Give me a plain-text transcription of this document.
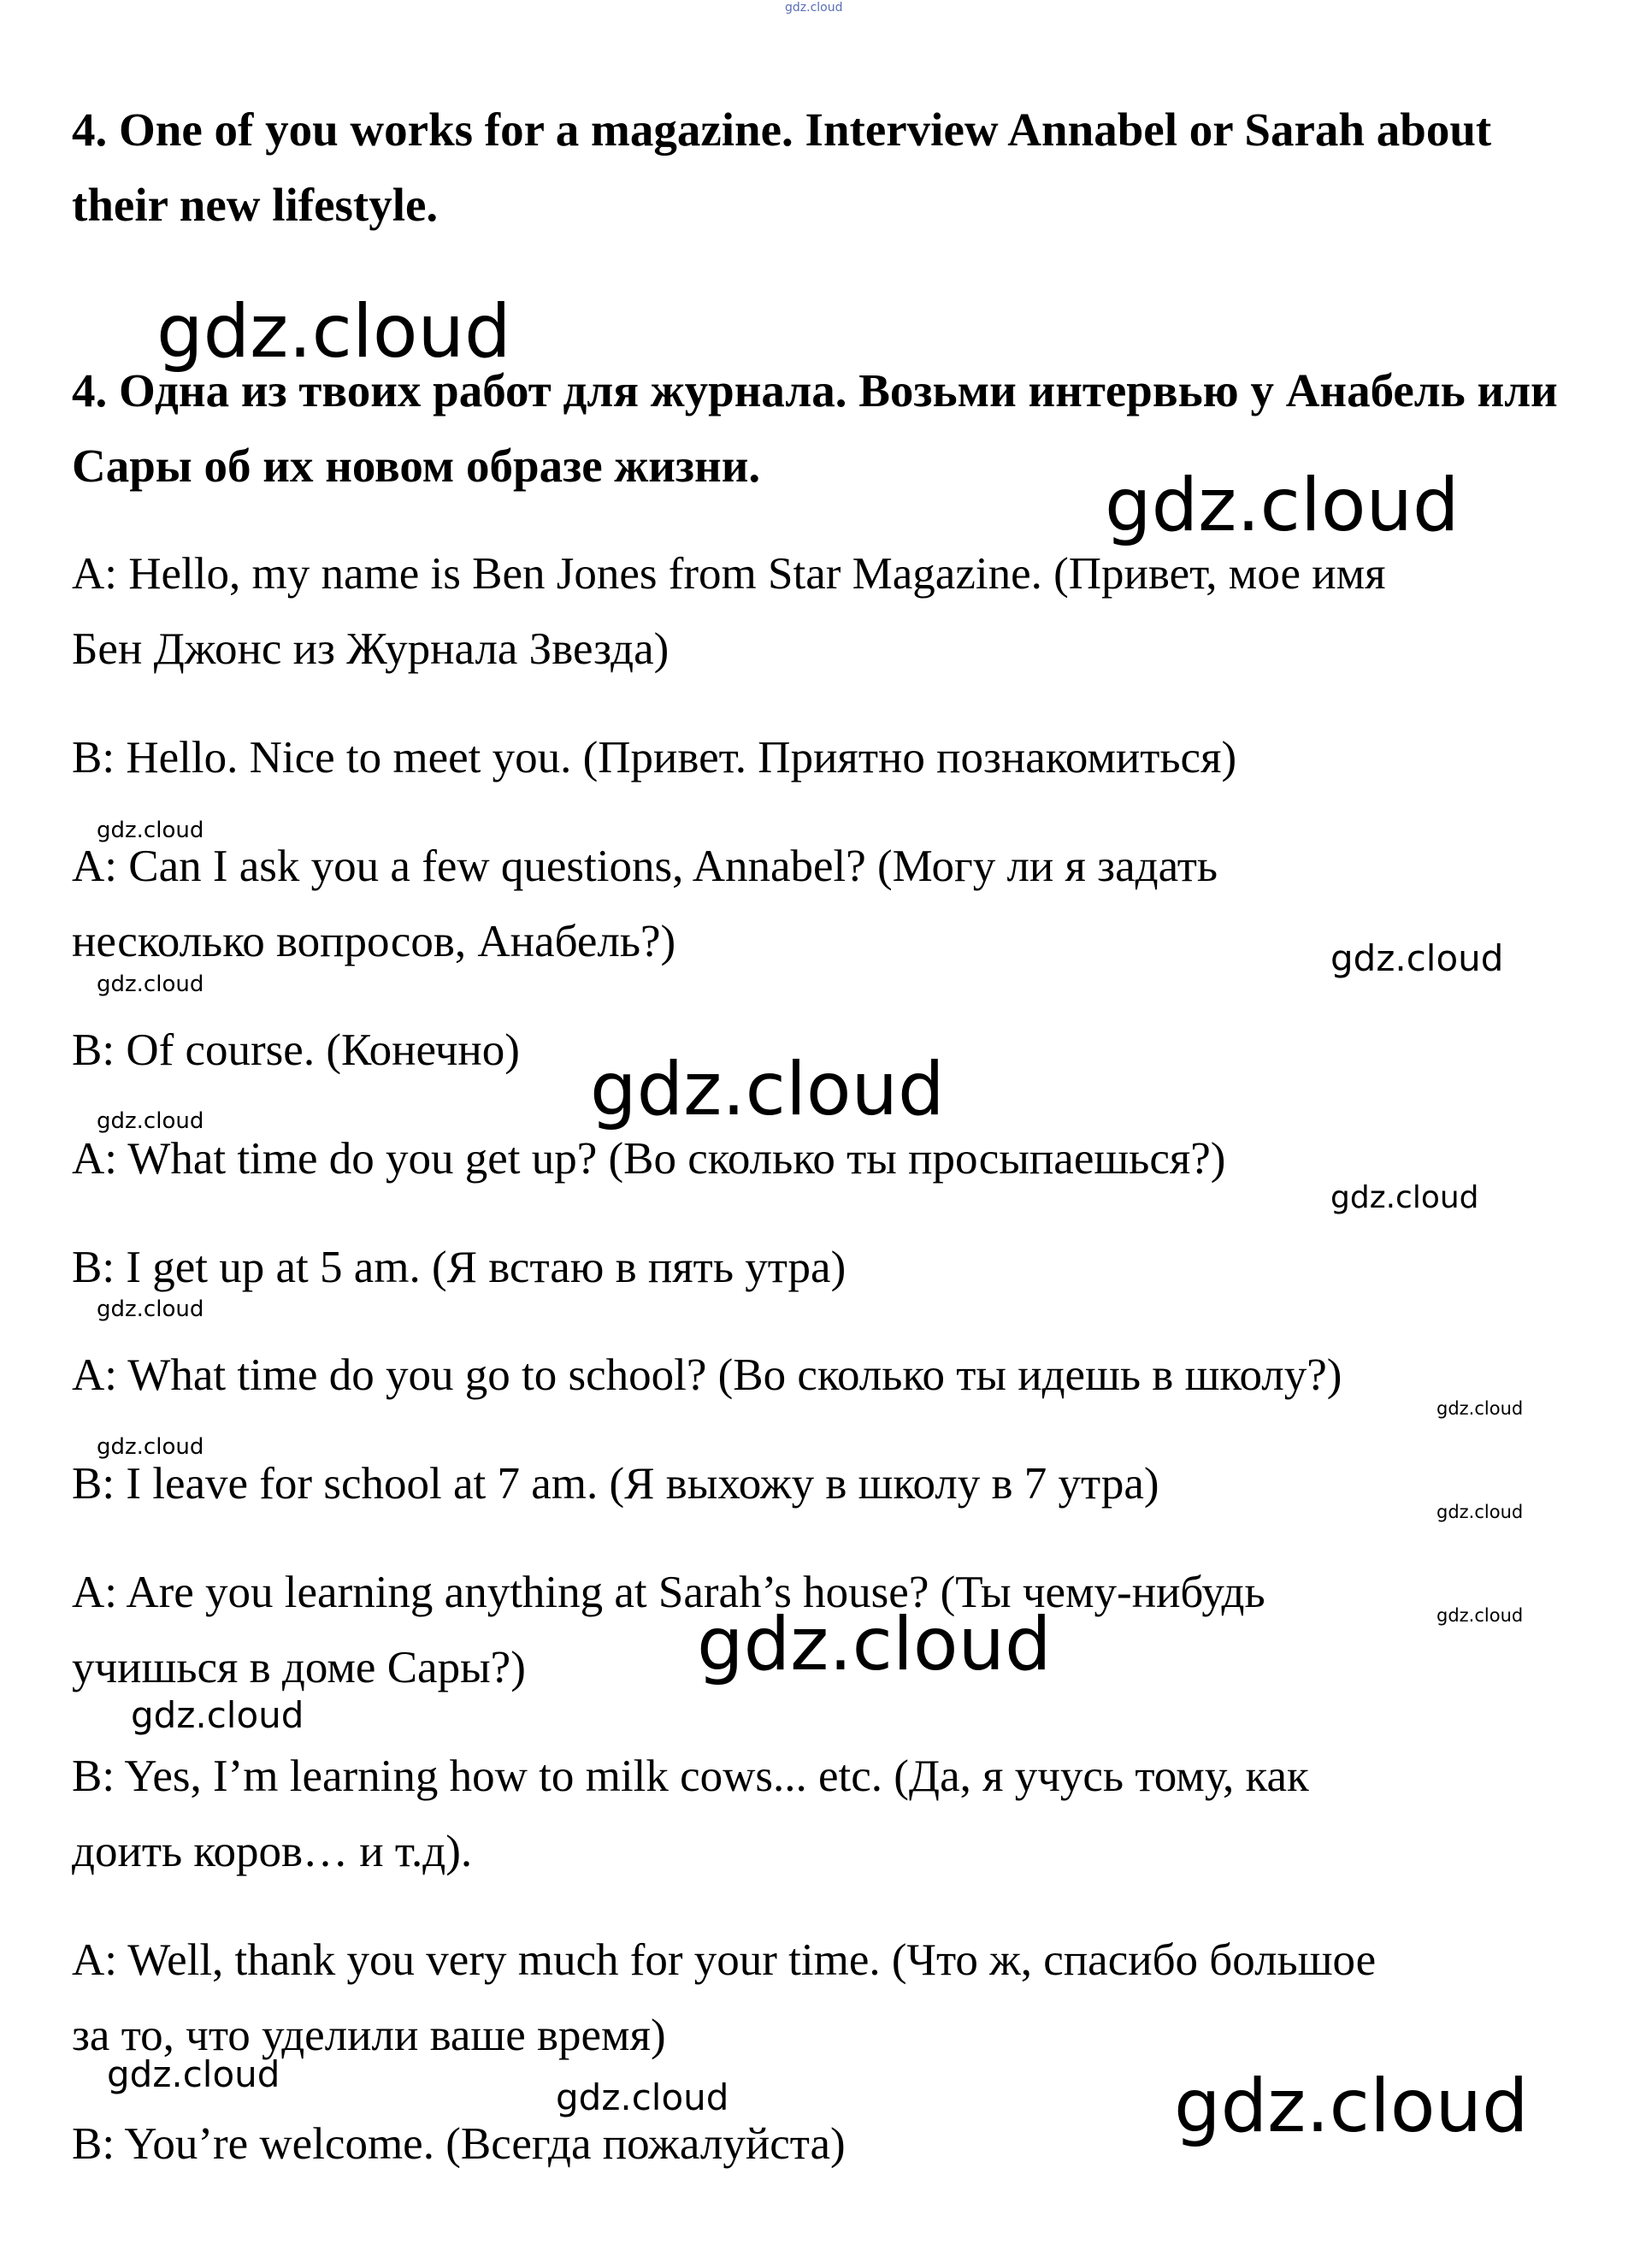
gdz.cloud

4. One of you works for a magazine. Interview Annabel or Sarah about their new lifestyle.

4. Одна из твоих работ для журнала. Возьми интервью у Анабель или Сары об их новом образе жизни.

A: Hello, my name is Ben Jones from Star Magazine. (Привет, мое имя

Бен Джонс из Журнала Звезда)

B: Hello. Nice to meet you. (Привет. Приятно познакомиться)

A: Can I ask you a few questions, Annabel? (Могу ли я задать

несколько вопросов, Анабель?)

B: Of course. (Конечно)

A: What time do you get up? (Во сколько ты просыпаешься?)

B: I get up at 5 am. (Я встаю в пять утра)

A: What time do you go to school? (Во сколько ты идешь в школу?)

B: I leave for school at 7 am. (Я выхожу в школу в 7 утра)

A: Are you learning anything at Sarah’s house? (Ты чему-нибудь

учишься в доме Сары?)

B: Yes, I’m learning how to milk cows... etc. (Да, я учусь тому, как

доить коров… и т.д).

A: Well, thank you very much for your time. (Что ж, спасибо большое

за то, что уделили ваше время)

B: You’re welcome. (Всегда пожалуйста)

gdz.cloud
gdz.cloud
gdz.cloud
gdz.cloud
gdz.cloud
gdz.cloud
gdz.cloud
gdz.cloud
gdz.cloud
gdz.cloud
gdz.cloud
gdz.cloud
gdz.cloud
gdz.cloud
gdz.cloud
gdz.cloud
gdz.cloud
gdz.cloud
